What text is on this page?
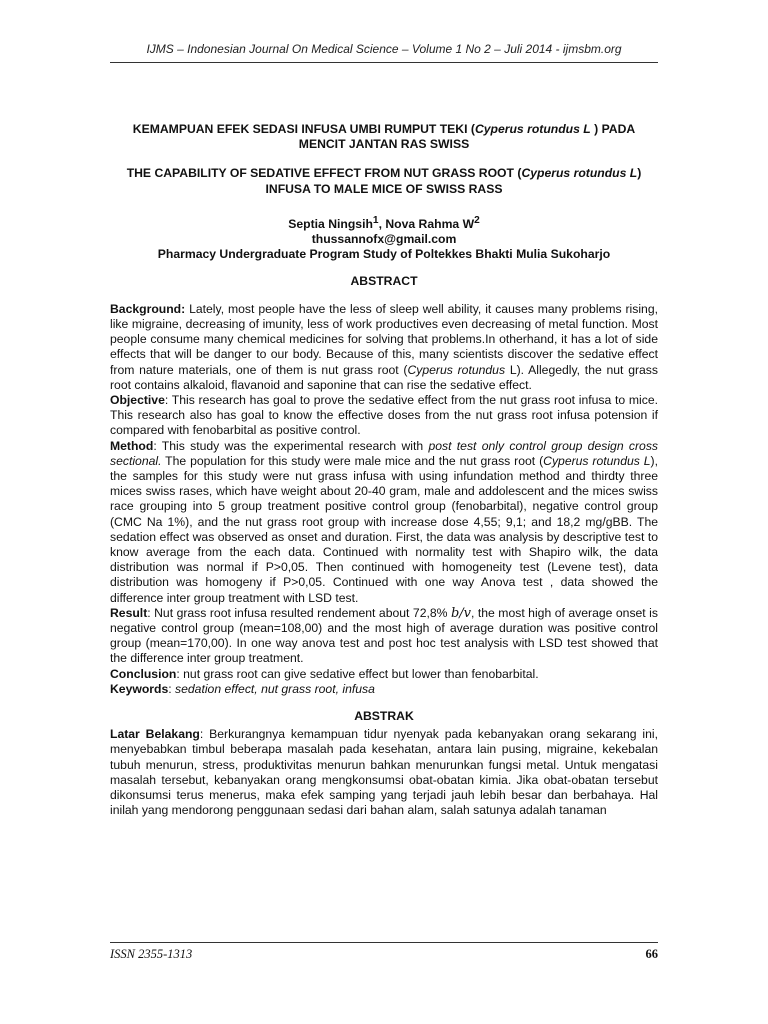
IJMS – Indonesian Journal On Medical Science – Volume 1 No 2 – Juli 2014 - ijmsbm.org

KEMAMPUAN EFEK SEDASI INFUSA UMBI RUMPUT TEKI (Cyperus rotundus L ) PADA MENCIT JANTAN RAS SWISS

THE CAPABILITY OF SEDATIVE EFFECT FROM NUT GRASS ROOT (Cyperus rotundus L) INFUSA TO MALE MICE OF SWISS RASS

Septia Ningsih$^1$, Nova Rahma $W^2$
thussannofx@gmail.com
Pharmacy Undergraduate Program Study of Poltekkes Bhakti Mulia Sukoharjo
ABSTRACT

Background: Lately, most people have the less of sleep well ability, it causes many problems rising, like migraine, decreasing of imunity, less of work productives even decreasing of metal function. Most people consume many chemical medicines for solving that problems.In otherhand, it has a lot of side effects that will be danger to our body. Because of this, many scientists discover the sedative effect from nature materials, one of them is nut grass root (Cyperus rotundus L). Allegedly, the nut grass root contains alkaloid, flavanoid and saponine that can rise the sedative effect.

Objective: This research has goal to prove the sedative effect from the nut grass root infusa to mice. This research also has goal to know the effective doses from the nut grass root infusa potension if compared with fenobarbital as positive control.

Method: This study was the experimental research with post test only control group design cross sectional. The population for this study were male mice and the nut grass root (Cyperus rotundus L), the samples for this study were nut grass infusa with using infundation method and thirdty three mices swiss rases, which have weight about 20-40 gram, male and addolescent and the mices swiss race grouping into 5 group treatment positive control group (fenobarbital), negative control group (CMC Na 1%), and the nut grass root group with increase dose 4,55; 9,1; and 18,2 mg/gBB. The sedation effect was observed as onset and duration. First, the data was analysis by descriptive test to know average from the each data. Continued with normality test with Shapiro wilk, the data distribution was normal if P>0,05. Then continued with homogeneity test (Levene test), data distribution was homogeny if P>0,05. Continued with one way Anova test , data showed the difference inter group treatment with LSD test.

Result: Nut grass root infusa resulted rendement about 72,8% b/v, the most high of average onset is negative control group (mean=108,00) and the most high of average duration was positive control group (mean=170,00). In one way anova test and post hoc test analysis with LSD test showed that the difference inter group treatment.

Conclusion: nut grass root can give sedative effect but lower than fenobarbital.

Keywords: sedation effect, nut grass root, infusa

ABSTRAK

Latar Belakang: Berkurangnya kemampuan tidur nyenyak pada kebanyakan orang sekarang ini, menyebabkan timbul beberapa masalah pada kesehatan, antara lain pusing, migraine, kekebalan tubuh menurun, stress, produktivitas menurun bahkan menurunkan fungsi metal. Untuk mengatasi masalah tersebut, kebanyakan orang mengkonsumsi obat-obatan kimia. Jika obat-obatan tersebut dikonsumsi terus menerus, maka efek samping yang terjadi jauh lebih besar dan berbahaya. Hal inilah yang mendorong penggunaan sedasi dari bahan alam, salah satunya adalah tanaman

ISSN 2355-1313	66
